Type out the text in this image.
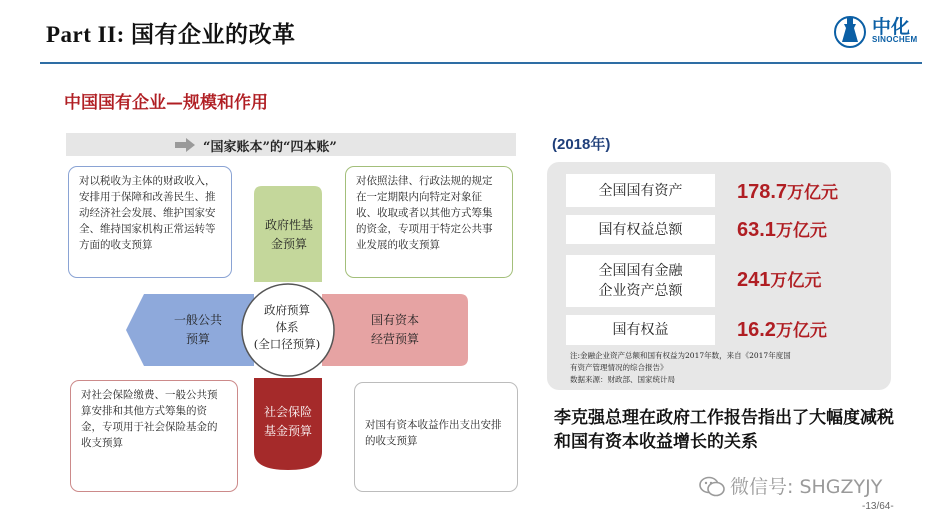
Part II: 国有企业的改革	中化
SINOCHEM
中国国有企业—规模和作用
“国家账本”的“四本账”
对以税收为主体的财政收入，安排用于保障和改善民生、推动经济社会发展、维护国家安全、维持国家机构正常运转等方面的收支预算
对依照法律、行政法规的规定在一定期限内向特定对象征收、收取或者以其他方式筹集的资金，专项用于特定公共事业发展的收支预算
对社会保险缴费、一般公共预算安排和其他方式筹集的资金，专项用于社会保险基金的收支预算
对国有资本收益作出支出安排的收支预算
政府性基
金预算
一般公共
预算
国有资本
经营预算
社会保险
基金预算
政府预算
体系
(全口径预算)
(2018年)
全国国有资产
国有权益总额
全国国有金融
企业资产总额
国有权益
178.7万亿元
63.1万亿元
241万亿元
16.2万亿元
注:金融企业资产总额和国有权益为2017年数，来自《2017年度国
有资产管理情况的综合报告》
数据来源：财政部、国家统计局
李克强总理在政府工作报告指出了大幅度减税和国有资本收益增长的关系
微信号: SHGZYJY
-13/64-
